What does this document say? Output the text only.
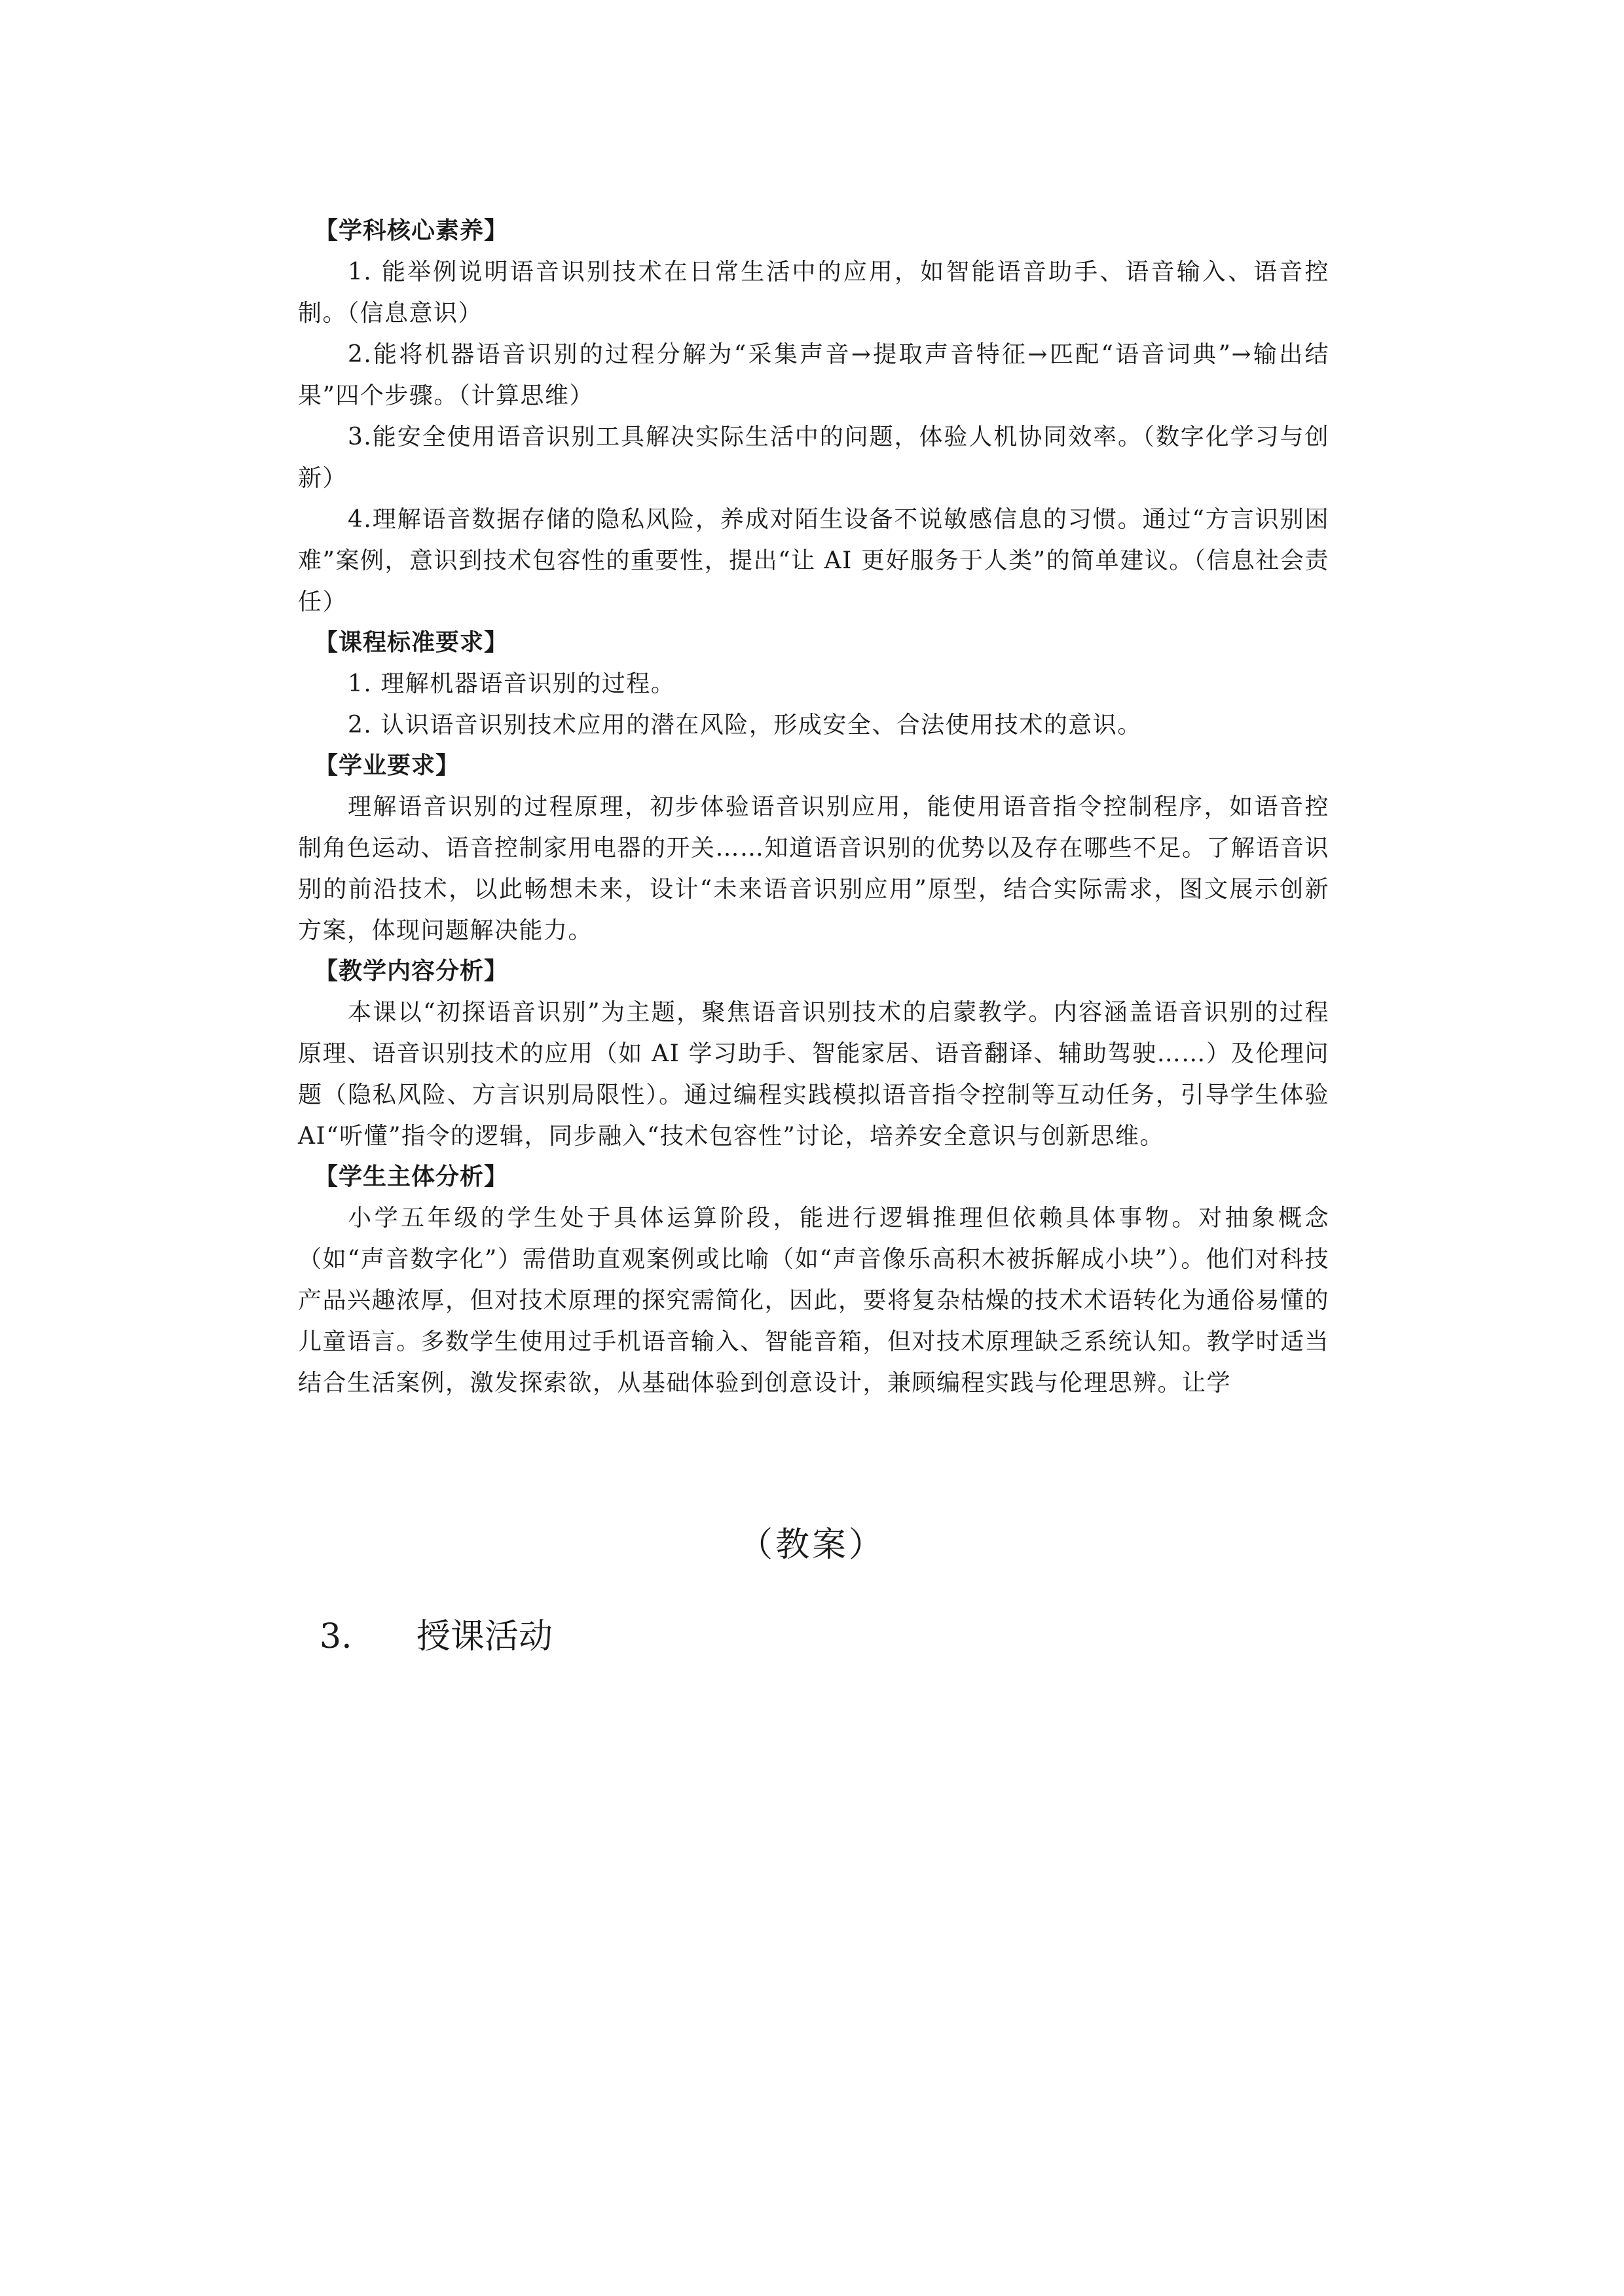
【学科核心素养】

1. 能举例说明语音识别技术在日常生活中的应用，如智能语音助手、语音输入、语音控制。（信息意识）

2.能将机器语音识别的过程分解为“采集声音→提取声音特征→匹配“语音词典”→输出结果”四个步骤。（计算思维）

3.能安全使用语音识别工具解决实际生活中的问题，体验人机协同效率。（数字化学习与创新）

4.理解语音数据存储的隐私风险，养成对陌生设备不说敏感信息的习惯。通过“方言识别困难”案例，意识到技术包容性的重要性，提出“让 AI 更好服务于人类”的简单建议。（信息社会责任）

【课程标准要求】

1. 理解机器语音识别的过程。

2. 认识语音识别技术应用的潜在风险，形成安全、合法使用技术的意识。

【学业要求】

理解语音识别的过程原理，初步体验语音识别应用，能使用语音指令控制程序，如语音控制角色运动、语音控制家用电器的开关……知道语音识别的优势以及存在哪些不足。了解语音识别的前沿技术，以此畅想未来，设计“未来语音识别应用”原型，结合实际需求，图文展示创新方案，体现问题解决能力。

【教学内容分析】

本课以“初探语音识别”为主题，聚焦语音识别技术的启蒙教学。内容涵盖语音识别的过程原理、语音识别技术的应用（如 AI 学习助手、智能家居、语音翻译、辅助驾驶……）及伦理问题（隐私风险、方言识别局限性）。通过编程实践模拟语音指令控制等互动任务，引导学生体验 AI“听懂”指令的逻辑，同步融入“技术包容性”讨论，培养安全意识与创新思维。

【学生主体分析】

小学五年级的学生处于具体运算阶段，能进行逻辑推理但依赖具体事物。对抽象概念（如“声音数字化”）需借助直观案例或比喻（如“声音像乐高积木被拆解成小块”）。他们对科技产品兴趣浓厚，但对技术原理的探究需简化，因此，要将复杂枯燥的技术术语转化为通俗易懂的儿童语言。多数学生使用过手机语音输入、智能音箱，但对技术原理缺乏系统认知。教学时适当结合生活案例，激发探索欲，从基础体验到创意设计，兼顾编程实践与伦理思辨。让学

（教案）
3. 授课活动
